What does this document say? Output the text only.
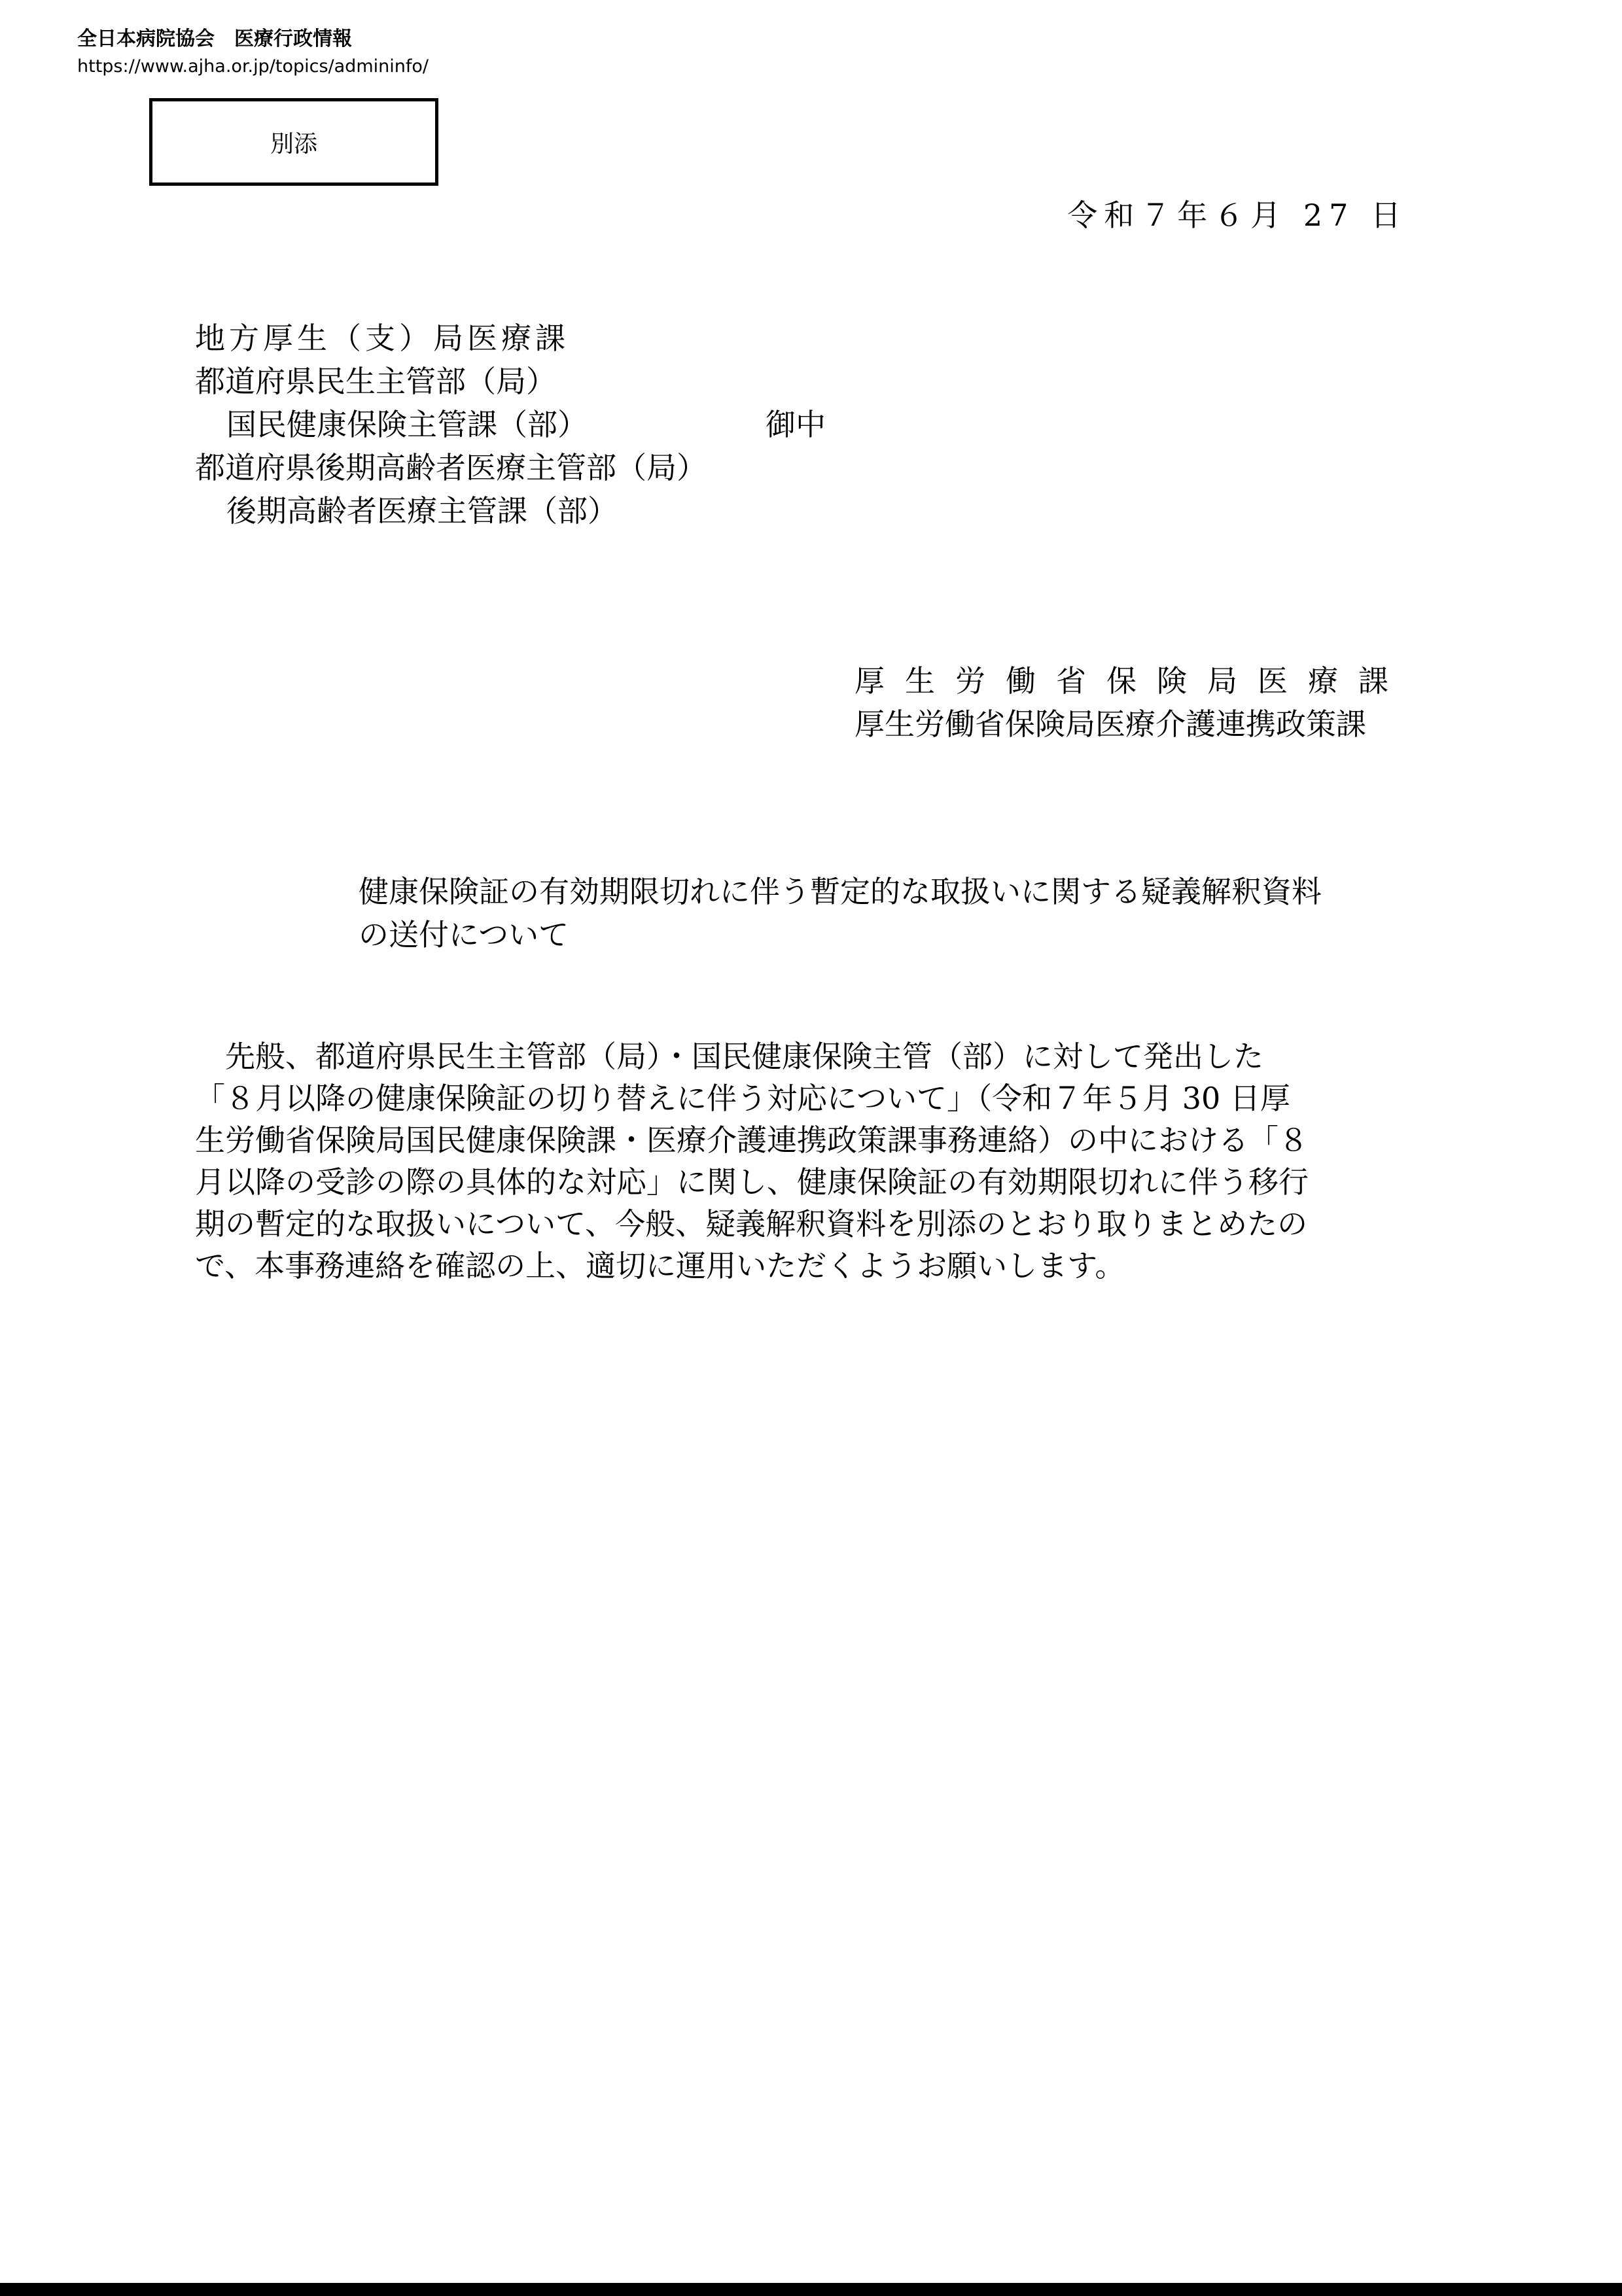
全日本病院協会　医療行政情報
https://www.ajha.or.jp/topics/admininfo/
別添
令和７年６月 27 日
地方厚生（支）局医療課
都道府県民生主管部（局）
国民健康保険主管課（部）
都道府県後期高齢者医療主管部（局）
後期高齢者医療主管課（部）
御中
厚生労働省保険局医療課
厚生労働省保険局医療介護連携政策課
健康保険証の有効期限切れに伴う暫定的な取扱いに関する疑義解釈資料
の送付について
　先般、都道府県民生主管部（局）・国民健康保険主管（部）に対して発出した
「８月以降の健康保険証の切り替えに伴う対応について」（令和７年５月 30 日厚
生労働省保険局国民健康保険課・医療介護連携政策課事務連絡）の中における「８
月以降の受診の際の具体的な対応」に関し、健康保険証の有効期限切れに伴う移行
期の暫定的な取扱いについて、今般、疑義解釈資料を別添のとおり取りまとめたの
で、本事務連絡を確認の上、適切に運用いただくようお願いします。
